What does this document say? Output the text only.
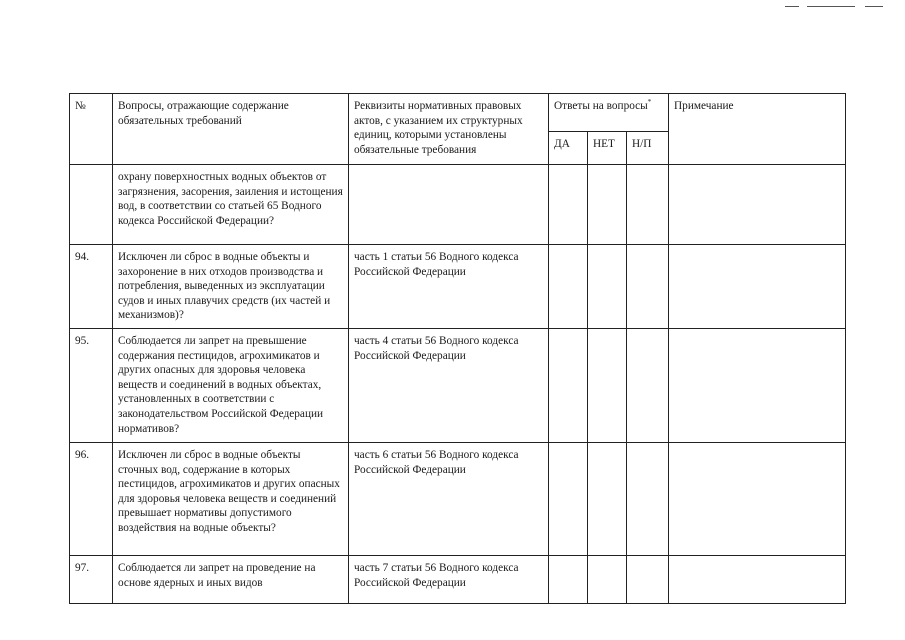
№	Вопросы, отражающие содержание обязательных требований	Реквизиты нормативных правовых актов, с указанием их структурных единиц, которыми установлены обязательные требования	Ответы на вопросы*			Примечание
			ДА	НЕТ	Н/П	
	охрану поверхностных водных объектов от загрязнения, засорения, заиления и истощения вод, в соответствии со статьей 65 Водного кодекса Российской Федерации?					
94.	Исключен ли сброс в водные объекты и захоронение в них отходов производства и потребления, выведенных из эксплуатации судов и иных плавучих средств (их частей и механизмов)?	часть 1 статьи 56 Водного кодекса Российской Федерации				
95.	Соблюдается ли запрет на превышение содержания пестицидов, агрохимикатов и других опасных для здоровья человека веществ и соединений в водных объектах, установленных в соответствии с законодательством Российской Федерации нормативов?	часть 4 статьи 56 Водного кодекса Российской Федерации				
96.	Исключен ли сброс в водные объекты сточных вод, содержание в которых пестицидов, агрохимикатов и других опасных для здоровья человека веществ и соединений превышает нормативы допустимого воздействия на водные объекты?	часть 6 статьи 56 Водного кодекса Российской Федерации				
97.	Соблюдается ли запрет на проведение на основе ядерных и иных видов	часть 7 статьи 56 Водного кодекса Российской Федерации				
